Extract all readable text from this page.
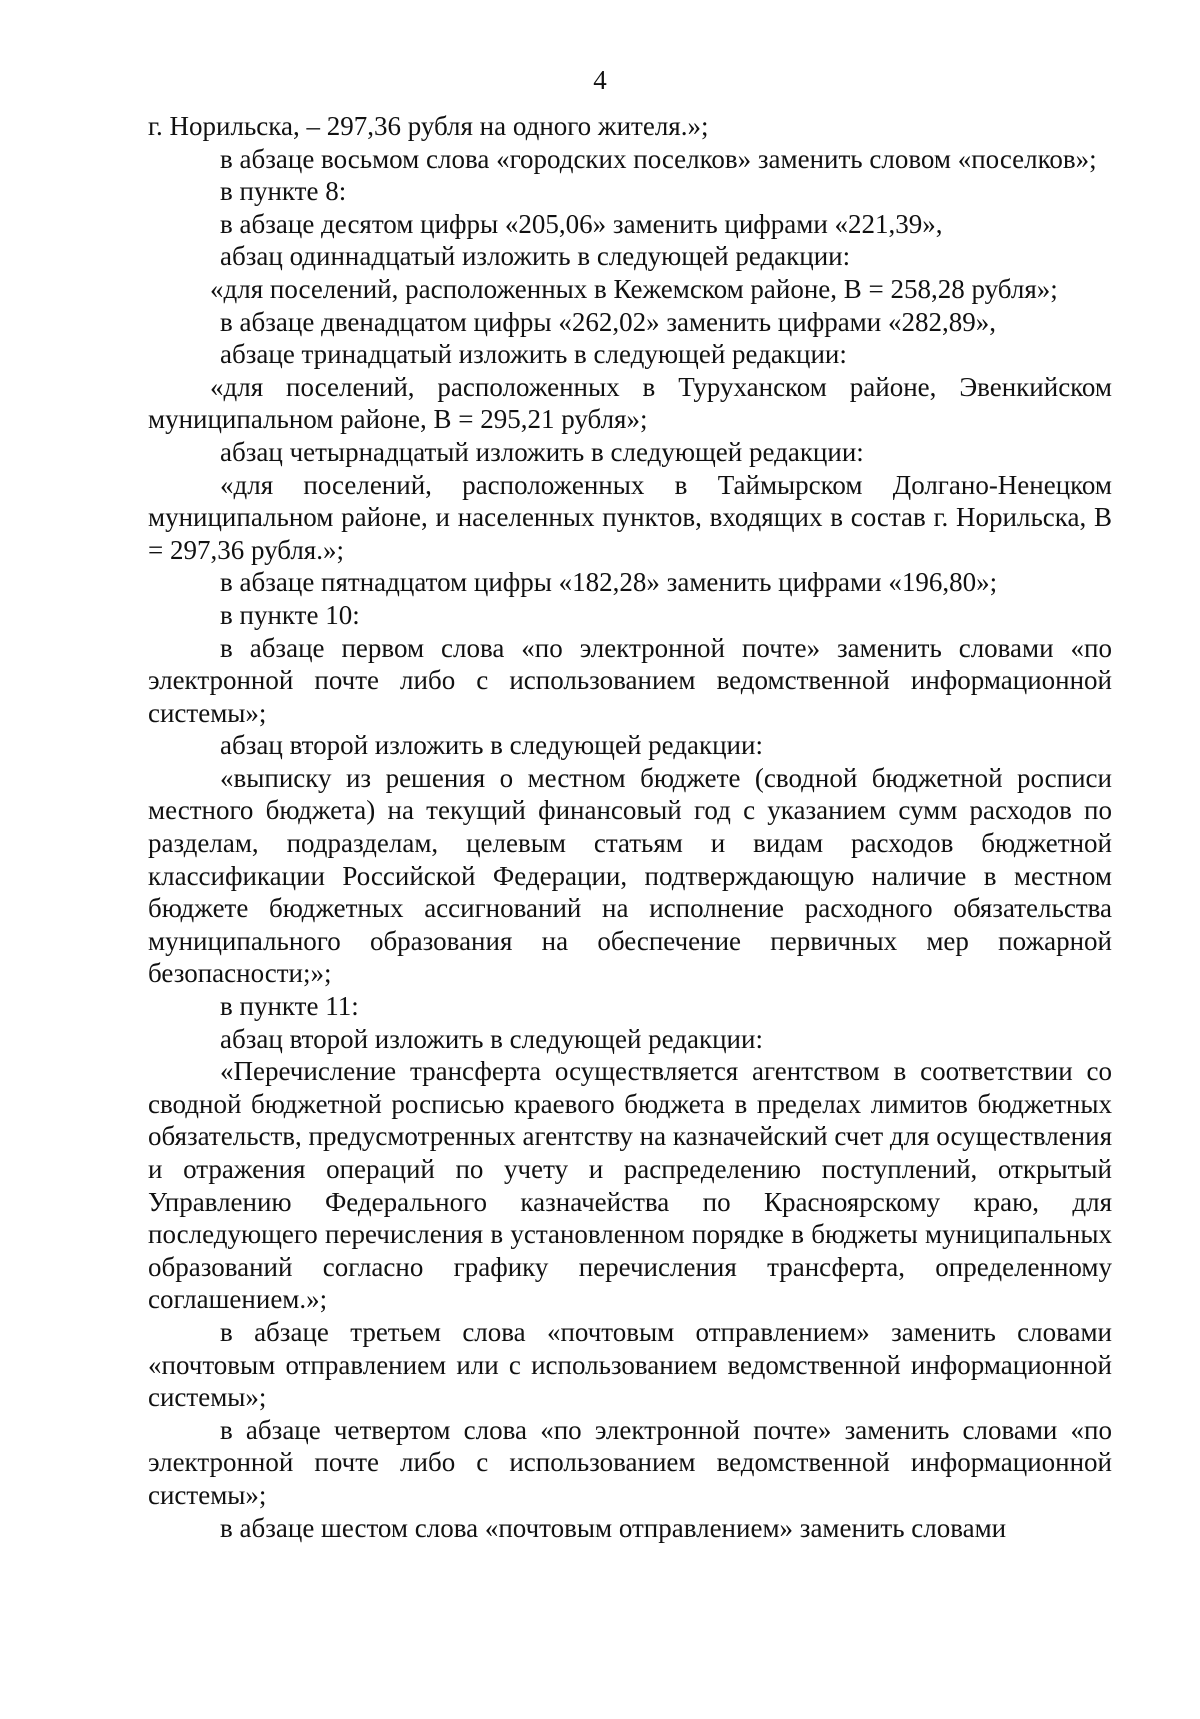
4

г. Норильска, – 297,36 рубля на одного жителя.»;

в абзаце восьмом слова «городских поселков» заменить словом «поселков»;

в пункте 8:

в абзаце десятом цифры «205,06» заменить цифрами «221,39»,

абзац одиннадцатый изложить в следующей редакции:

«для поселений, расположенных в Кежемском районе, В = 258,28 рубля»;

в абзаце двенадцатом цифры «262,02» заменить цифрами «282,89»,

абзаце тринадцатый изложить в следующей редакции:

«для поселений, расположенных в Туруханском районе, Эвенкийском муниципальном районе, В = 295,21 рубля»;

абзац четырнадцатый изложить в следующей редакции:

«для поселений, расположенных в Таймырском Долгано-Ненецком муниципальном районе, и населенных пунктов, входящих в состав г. Норильска, В = 297,36 рубля.»;

в абзаце пятнадцатом цифры «182,28» заменить цифрами «196,80»;

в пункте 10:

в абзаце первом слова «по электронной почте» заменить словами «по электронной почте либо с использованием ведомственной информационной системы»;

абзац второй изложить в следующей редакции:

«выписку из решения о местном бюджете (сводной бюджетной росписи местного бюджета) на текущий финансовый год с указанием сумм расходов по разделам, подразделам, целевым статьям и видам расходов бюджетной классификации Российской Федерации, подтверждающую наличие в местном бюджете бюджетных ассигнований на исполнение расходного обязательства муниципального образования на обеспечение первичных мер пожарной безопасности;»;

в пункте 11:

абзац второй изложить в следующей редакции:

«Перечисление трансферта осуществляется агентством в соответствии со сводной бюджетной росписью краевого бюджета в пределах лимитов бюджетных обязательств, предусмотренных агентству на казначейский счет для осуществления и отражения операций по учету и распределению поступлений, открытый Управлению Федерального казначейства по Красноярскому краю, для последующего перечисления в установленном порядке в бюджеты муниципальных образований согласно графику перечисления трансферта, определенному соглашением.»;

в абзаце третьем слова «почтовым отправлением» заменить словами «почтовым отправлением или с использованием ведомственной информационной системы»;

в абзаце четвертом слова «по электронной почте» заменить словами «по электронной почте либо с использованием ведомственной информационной системы»;

в абзаце шестом слова «почтовым отправлением» заменить словами
